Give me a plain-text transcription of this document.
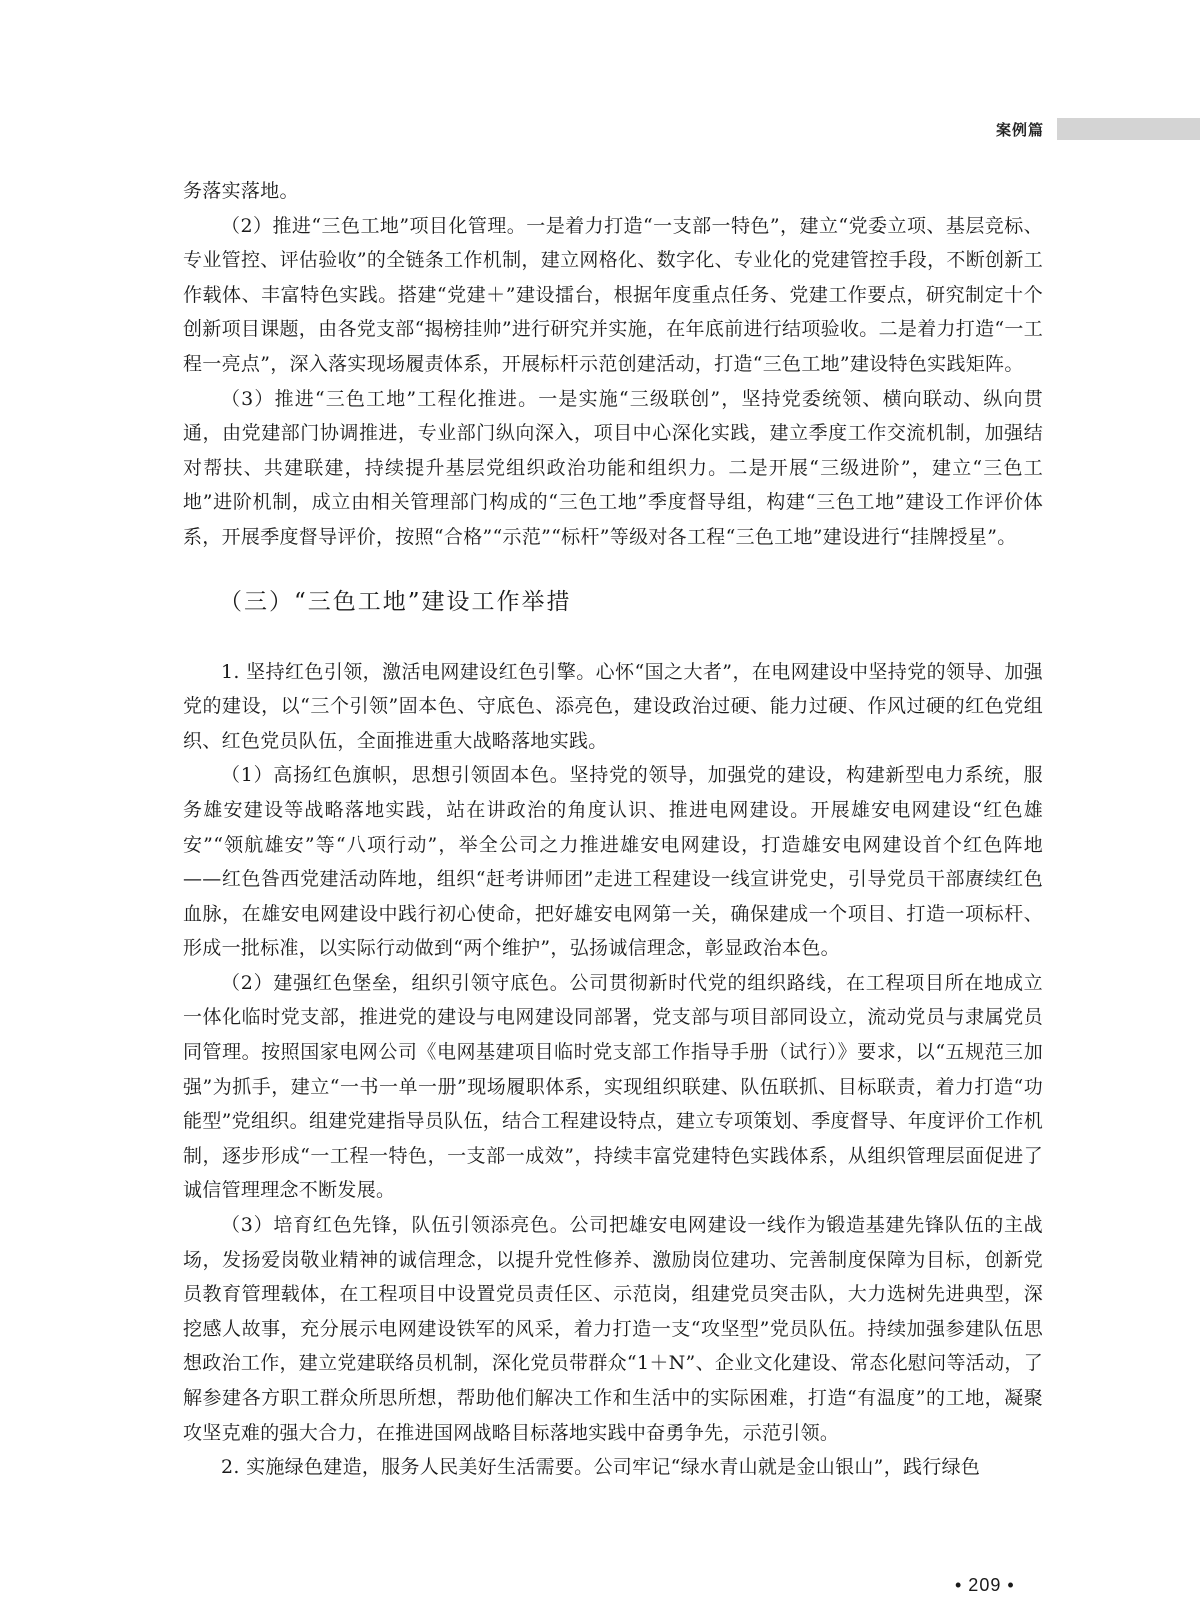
案例篇

务落实落地。

（2）推进“三色工地”项目化管理。一是着力打造“一支部一特色”，建立“党委立项、基层竞标、专业管控、评估验收”的全链条工作机制，建立网格化、数字化、专业化的党建管控手段，不断创新工作载体、丰富特色实践。搭建“党建＋”建设擂台，根据年度重点任务、党建工作要点，研究制定十个创新项目课题，由各党支部“揭榜挂帅”进行研究并实施，在年底前进行结项验收。二是着力打造“一工程一亮点”，深入落实现场履责体系，开展标杆示范创建活动，打造“三色工地”建设特色实践矩阵。

（3）推进“三色工地”工程化推进。一是实施“三级联创”，坚持党委统领、横向联动、纵向贯通，由党建部门协调推进，专业部门纵向深入，项目中心深化实践，建立季度工作交流机制，加强结对帮扶、共建联建，持续提升基层党组织政治功能和组织力。二是开展“三级进阶”，建立“三色工地”进阶机制，成立由相关管理部门构成的“三色工地”季度督导组，构建“三色工地”建设工作评价体系，开展季度督导评价，按照“合格”“示范”“标杆”等级对各工程“三色工地”建设进行“挂牌授星”。

（三）“三色工地”建设工作举措

1. 坚持红色引领，激活电网建设红色引擎。心怀“国之大者”，在电网建设中坚持党的领导、加强党的建设，以“三个引领”固本色、守底色、添亮色，建设政治过硬、能力过硬、作风过硬的红色党组织、红色党员队伍，全面推进重大战略落地实践。

（1）高扬红色旗帜，思想引领固本色。坚持党的领导，加强党的建设，构建新型电力系统，服务雄安建设等战略落地实践，站在讲政治的角度认识、推进电网建设。开展雄安电网建设“红色雄安”“领航雄安”等“八项行动”，举全公司之力推进雄安电网建设，打造雄安电网建设首个红色阵地——红色昝西党建活动阵地，组织“赶考讲师团”走进工程建设一线宣讲党史，引导党员干部赓续红色血脉，在雄安电网建设中践行初心使命，把好雄安电网第一关，确保建成一个项目、打造一项标杆、形成一批标准，以实际行动做到“两个维护”，弘扬诚信理念，彰显政治本色。

（2）建强红色堡垒，组织引领守底色。公司贯彻新时代党的组织路线，在工程项目所在地成立一体化临时党支部，推进党的建设与电网建设同部署，党支部与项目部同设立，流动党员与隶属党员同管理。按照国家电网公司《电网基建项目临时党支部工作指导手册（试行）》要求，以“五规范三加强”为抓手，建立“一书一单一册”现场履职体系，实现组织联建、队伍联抓、目标联责，着力打造“功能型”党组织。组建党建指导员队伍，结合工程建设特点，建立专项策划、季度督导、年度评价工作机制，逐步形成“一工程一特色，一支部一成效”，持续丰富党建特色实践体系，从组织管理层面促进了诚信管理理念不断发展。

（3）培育红色先锋，队伍引领添亮色。公司把雄安电网建设一线作为锻造基建先锋队伍的主战场，发扬爱岗敬业精神的诚信理念，以提升党性修养、激励岗位建功、完善制度保障为目标，创新党员教育管理载体，在工程项目中设置党员责任区、示范岗，组建党员突击队，大力选树先进典型，深挖感人故事，充分展示电网建设铁军的风采，着力打造一支“攻坚型”党员队伍。持续加强参建队伍思想政治工作，建立党建联络员机制，深化党员带群众“1＋N”、企业文化建设、常态化慰问等活动，了解参建各方职工群众所思所想，帮助他们解决工作和生活中的实际困难，打造“有温度”的工地，凝聚攻坚克难的强大合力，在推进国网战略目标落地实践中奋勇争先，示范引领。

2. 实施绿色建造，服务人民美好生活需要。公司牢记“绿水青山就是金山银山”，践行绿色

• 209 •
